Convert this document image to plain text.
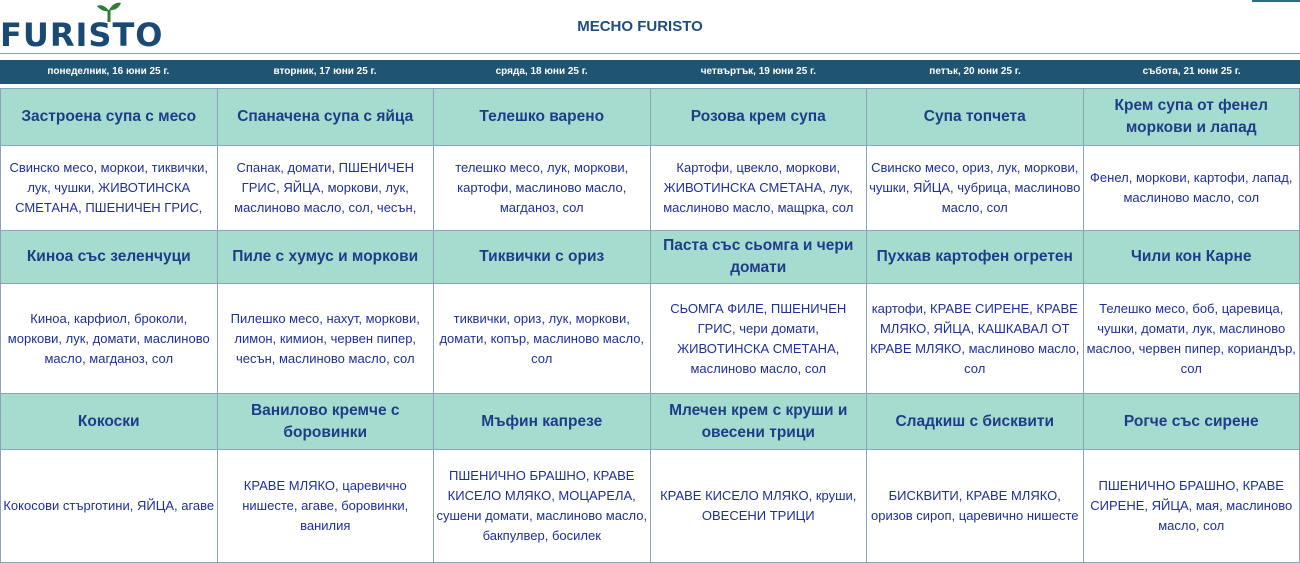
FURISTO	МЕСНО FURISTO
понеделник, 16 юни 25 г.	вторник, 17 юни 25 г.	сряда, 18 юни 25 г.	четвъртък, 19 юни 25 г.	петък, 20 юни 25 г.	събота, 21 юни 25 г.
Застроена супа с месо	Спаначена супа с яйца	Телешко варено	Розова крем супа	Супа топчета	Крем супа от фенел моркови и лапад
Свинско месо, моркои, тиквички, лук, чушки, ЖИВОТИНСКА СМЕТАНА, ПШЕНИЧЕН ГРИС,	Спанак, домати, ПШЕНИЧЕН ГРИС, ЯЙЦА, моркови, лук, маслиново масло, сол, чесън,	телешко месо, лук, моркови, картофи, маслиново масло, магданоз, сол	Картофи, цвекло, моркови, ЖИВОТИНСКА СМЕТАНА, лук, маслиново масло, мащрка, сол	Свинско месо, ориз, лук, моркови, чушки, ЯЙЦА, чубрица, маслиново масло, сол	Фенел, моркови, картофи, лапад, маслиново масло, сол
Киноа със зеленчуци	Пиле с хумус и моркови	Тиквички с ориз	Паста със сьомга и чери домати	Пухкав картофен огретен	Чили кон Карне
Киноа, карфиол, броколи, моркови, лук, домати, маслиново масло, магданоз, сол	Пилешко месо, нахут, моркови, лимон, кимион, червен пипер, чесън, маслиново масло, сол	тиквички, ориз, лук, моркови, домати, копър, маслиново масло, сол	СЬОМГА ФИЛЕ, ПШЕНИЧЕН ГРИС, чери домати, ЖИВОТИНСКА СМЕТАНА, маслиново масло, сол	картофи, КРАВЕ СИРЕНЕ, КРАВЕ МЛЯКО, ЯЙЦА, КАШКАВАЛ ОТ КРАВЕ МЛЯКО, маслиново масло, сол	Телешко месо, боб, царевица, чушки, домати, лук, маслиново маслоо, червен пипер, кориандър, сол
Кокоски	Ванилово кремче с боровинки	Мъфин капрезе	Млечен крем с круши и овесени трици	Сладкиш с бисквити	Рогче със сирене
Кокосови стърготини, ЯЙЦА, агаве	КРАВЕ МЛЯКО, царевично нишесте, агаве, боровинки, ванилия	ПШЕНИЧНО БРАШНО, КРАВЕ КИСЕЛО МЛЯКО, МОЦАРЕЛА, сушени домати, маслиново масло, бакпулвер, босилек	КРАВЕ КИСЕЛО МЛЯКО, круши, ОВЕСЕНИ ТРИЦИ	БИСКВИТИ, КРАВЕ МЛЯКО, оризов сироп, царевично нишесте	ПШЕНИЧНО БРАШНО, КРАВЕ СИРЕНЕ, ЯЙЦА, мая, маслиново масло, сол
